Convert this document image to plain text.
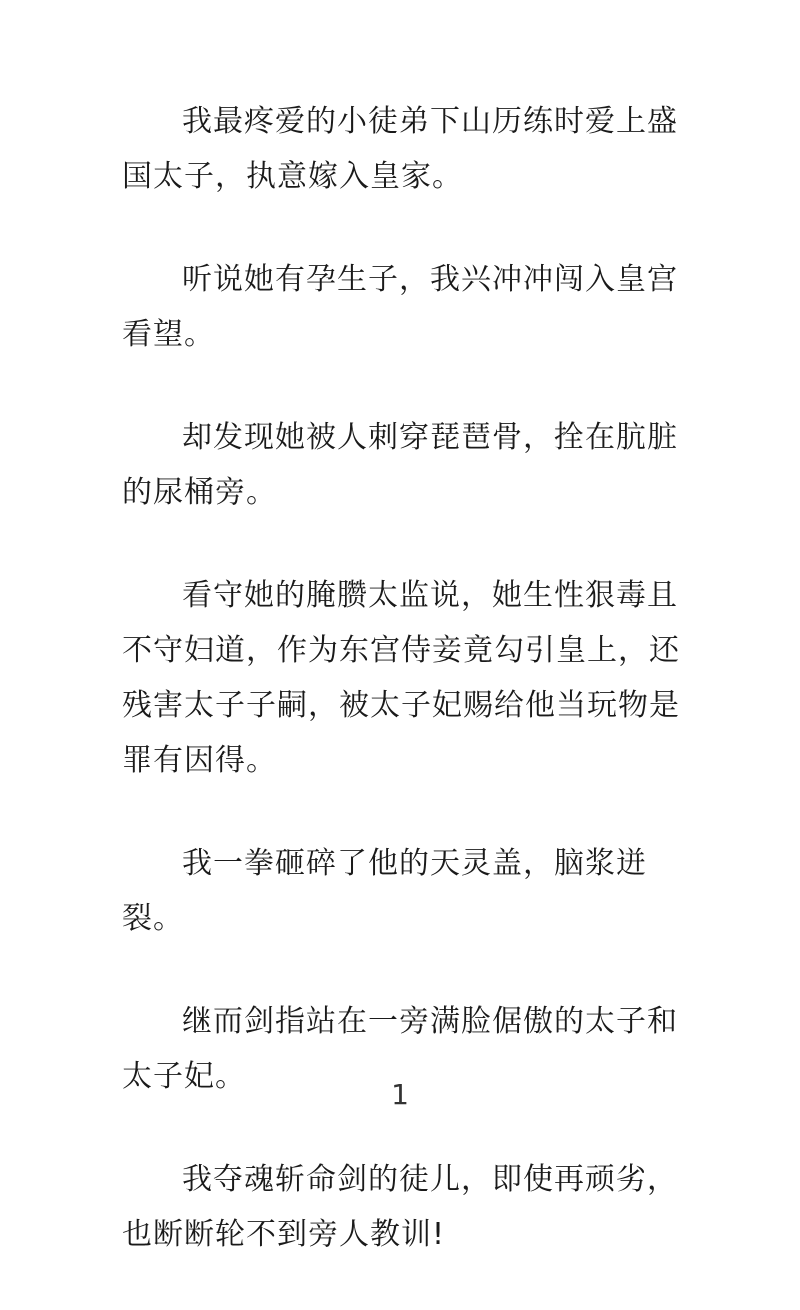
我最疼爱的小徒弟下山历练时爱上盛国太子，执意嫁入皇家。

听说她有孕生子，我兴冲冲闯入皇宫看望。

却发现她被人刺穿琵琶骨，拴在肮脏的尿桶旁。

看守她的腌臜太监说，她生性狠毒且不守妇道，作为东宫侍妾竟勾引皇上，还残害太子子嗣，被太子妃赐给他当玩物是罪有因得。

我一拳砸碎了他的天灵盖，脑浆迸裂。

继而剑指站在一旁满脸倨傲的太子和太子妃。

我夺魂斩命剑的徒儿，即使再顽劣，也断断轮不到旁人教训!

1
